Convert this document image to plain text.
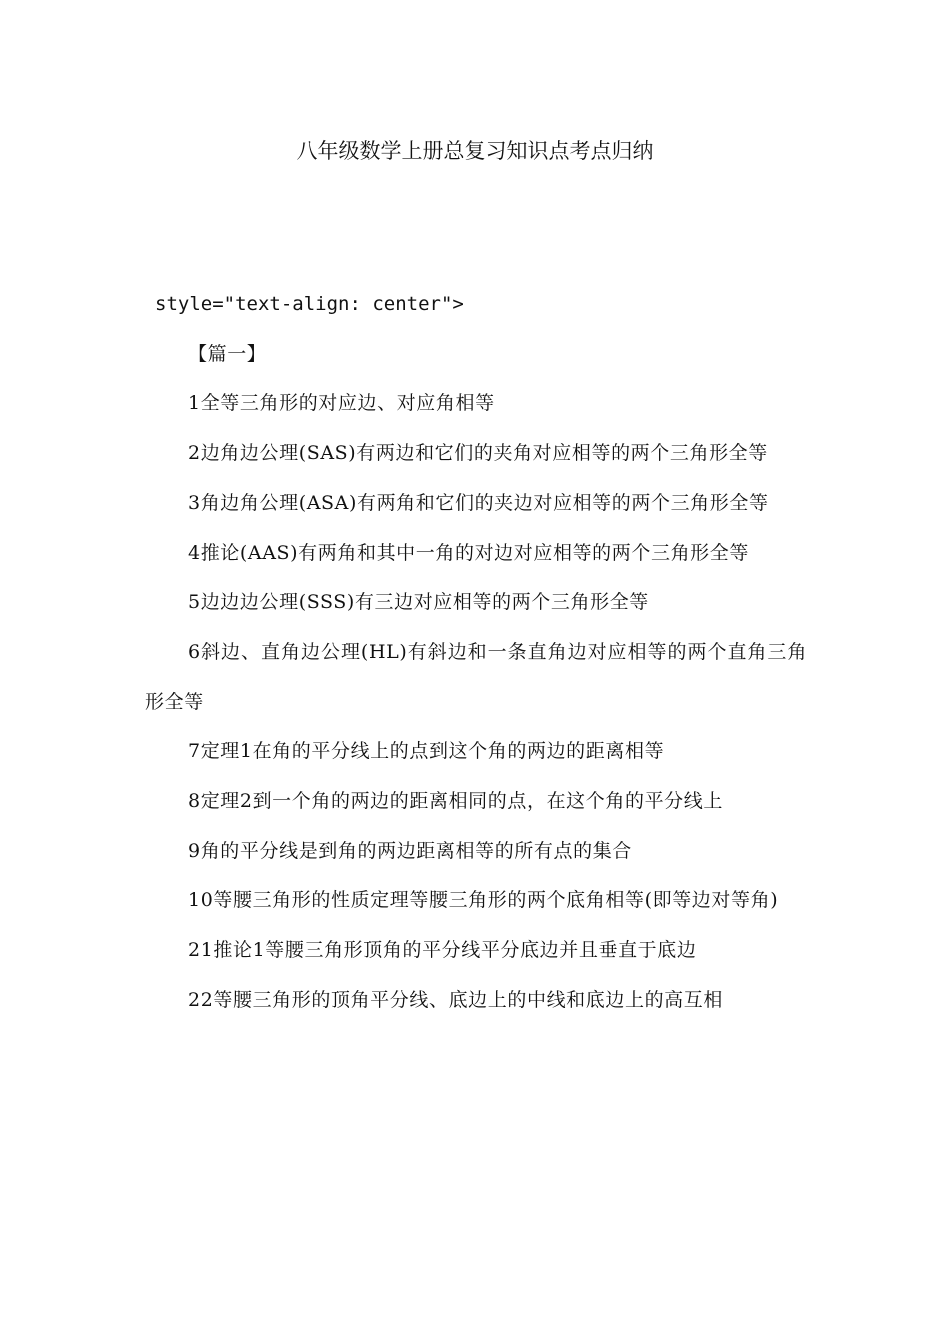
八年级数学上册总复习知识点考点归纳

style="text-align: center">

【篇一】

1全等三角形的对应边、对应角相等

2边角边公理(SAS)有两边和它们的夹角对应相等的两个三角形全等

3角边角公理(ASA)有两角和它们的夹边对应相等的两个三角形全等

4推论(AAS)有两角和其中一角的对边对应相等的两个三角形全等

5边边边公理(SSS)有三边对应相等的两个三角形全等

6斜边、直角边公理(HL)有斜边和一条直角边对应相等的两个直角三角形全等

7定理1在角的平分线上的点到这个角的两边的距离相等

8定理2到一个角的两边的距离相同的点，在这个角的平分线上

9角的平分线是到角的两边距离相等的所有点的集合

10等腰三角形的性质定理等腰三角形的两个底角相等(即等边对等角)

21推论1等腰三角形顶角的平分线平分底边并且垂直于底边

22等腰三角形的顶角平分线、底边上的中线和底边上的高互相
